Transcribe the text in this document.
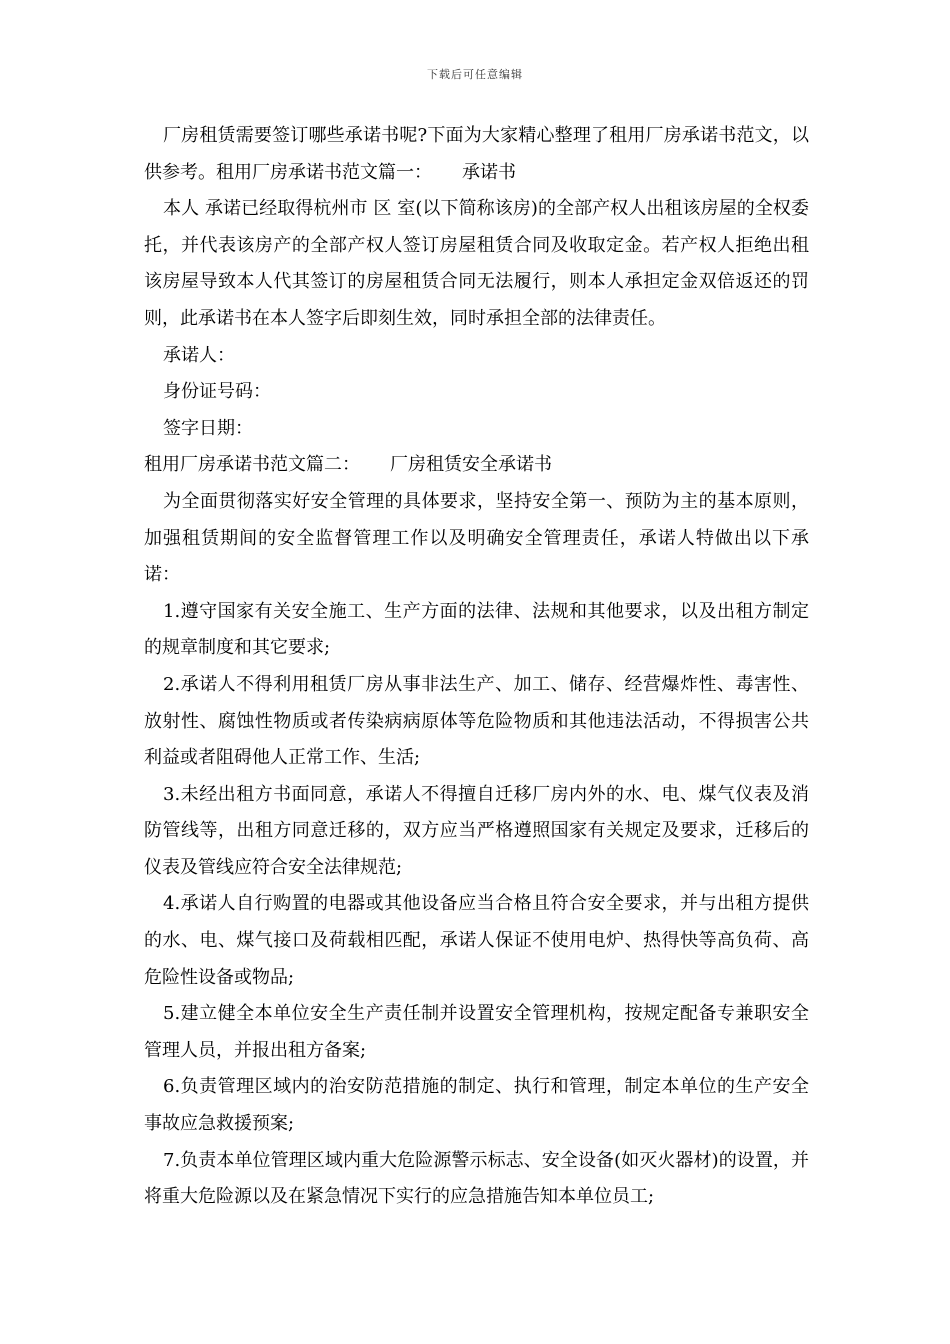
下载后可任意编辑

厂房租赁需要签订哪些承诺书呢?下面为大家精心整理了租用厂房承诺书范文，以供参考。租用厂房承诺书范文篇一： 承诺书

本人 承诺已经取得杭州市 区 室(以下简称该房)的全部产权人出租该房屋的全权委托，并代表该房产的全部产权人签订房屋租赁合同及收取定金。若产权人拒绝出租该房屋导致本人代其签订的房屋租赁合同无法履行，则本人承担定金双倍返还的罚则，此承诺书在本人签字后即刻生效，同时承担全部的法律责任。

承诺人：

身份证号码：

签字日期：

租用厂房承诺书范文篇二： 厂房租赁安全承诺书

为全面贯彻落实好安全管理的具体要求，坚持安全第一、预防为主的基本原则，加强租赁期间的安全监督管理工作以及明确安全管理责任，承诺人特做出以下承诺：

1.遵守国家有关安全施工、生产方面的法律、法规和其他要求，以及出租方制定的规章制度和其它要求;

2.承诺人不得利用租赁厂房从事非法生产、加工、储存、经营爆炸性、毒害性、放射性、腐蚀性物质或者传染病病原体等危险物质和其他违法活动，不得损害公共利益或者阻碍他人正常工作、生活;

3.未经出租方书面同意，承诺人不得擅自迁移厂房内外的水、电、煤气仪表及消防管线等，出租方同意迁移的，双方应当严格遵照国家有关规定及要求，迁移后的仪表及管线应符合安全法律规范;

4.承诺人自行购置的电器或其他设备应当合格且符合安全要求，并与出租方提供的水、电、煤气接口及荷载相匹配，承诺人保证不使用电炉、热得快等高负荷、高危险性设备或物品;

5.建立健全本单位安全生产责任制并设置安全管理机构，按规定配备专兼职安全管理人员，并报出租方备案;

6.负责管理区域内的治安防范措施的制定、执行和管理，制定本单位的生产安全事故应急救援预案;

7.负责本单位管理区域内重大危险源警示标志、安全设备(如灭火器材)的设置，并将重大危险源以及在紧急情况下实行的应急措施告知本单位员工;
